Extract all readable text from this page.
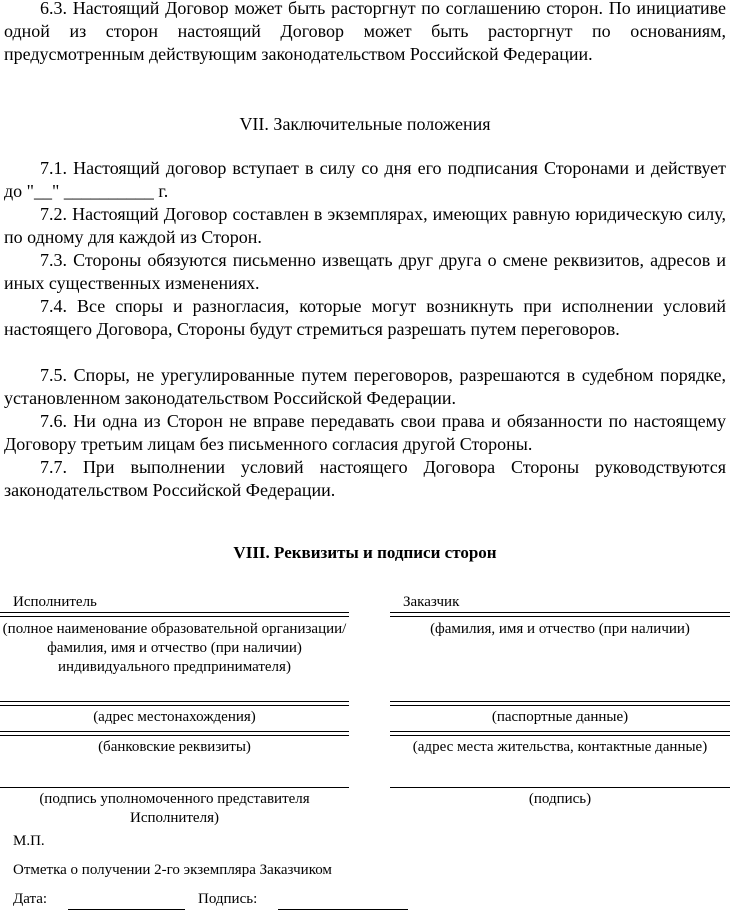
6.3. Настоящий Договор может быть расторгнут по соглашению сторон. По инициативе одной из сторон настоящий Договор может быть расторгнут по основаниям, предусмотренным действующим законодательством Российской Федерации.
VII. Заключительные положения
7.1. Настоящий договор вступает в силу со дня его подписания Сторонами и действует до "__" __________ г.
7.2. Настоящий Договор составлен в экземплярах, имеющих равную юридическую силу, по одному для каждой из Сторон.
7.3. Стороны обязуются письменно извещать друг друга о смене реквизитов, адресов и иных существенных изменениях.
7.4. Все споры и разногласия, которые могут возникнуть при исполнении условий настоящего Договора, Стороны будут стремиться разрешать путем переговоров.
7.5. Споры, не урегулированные путем переговоров, разрешаются в судебном порядке, установленном законодательством Российской Федерации.
7.6. Ни одна из Сторон не вправе передавать свои права и обязанности по настоящему Договору третьим лицам без письменного согласия другой Стороны.
7.7. При выполнении условий настоящего Договора Стороны руководствуются законодательством Российской Федерации.
VIII. Реквизиты и подписи сторон
Исполнитель
(полное наименование образовательной организации/ фамилия, имя и отчество (при наличии) индивидуального предпринимателя)
(адрес местонахождения)
(банковские реквизиты)
(подпись уполномоченного представителя Исполнителя)
Заказчик
(фамилия, имя и отчество (при наличии)
(паспортные данные)
(адрес места жительства, контактные данные)
(подпись)
М.П.
Отметка о получении 2-го экземпляра Заказчиком
Дата:	Подпись:
